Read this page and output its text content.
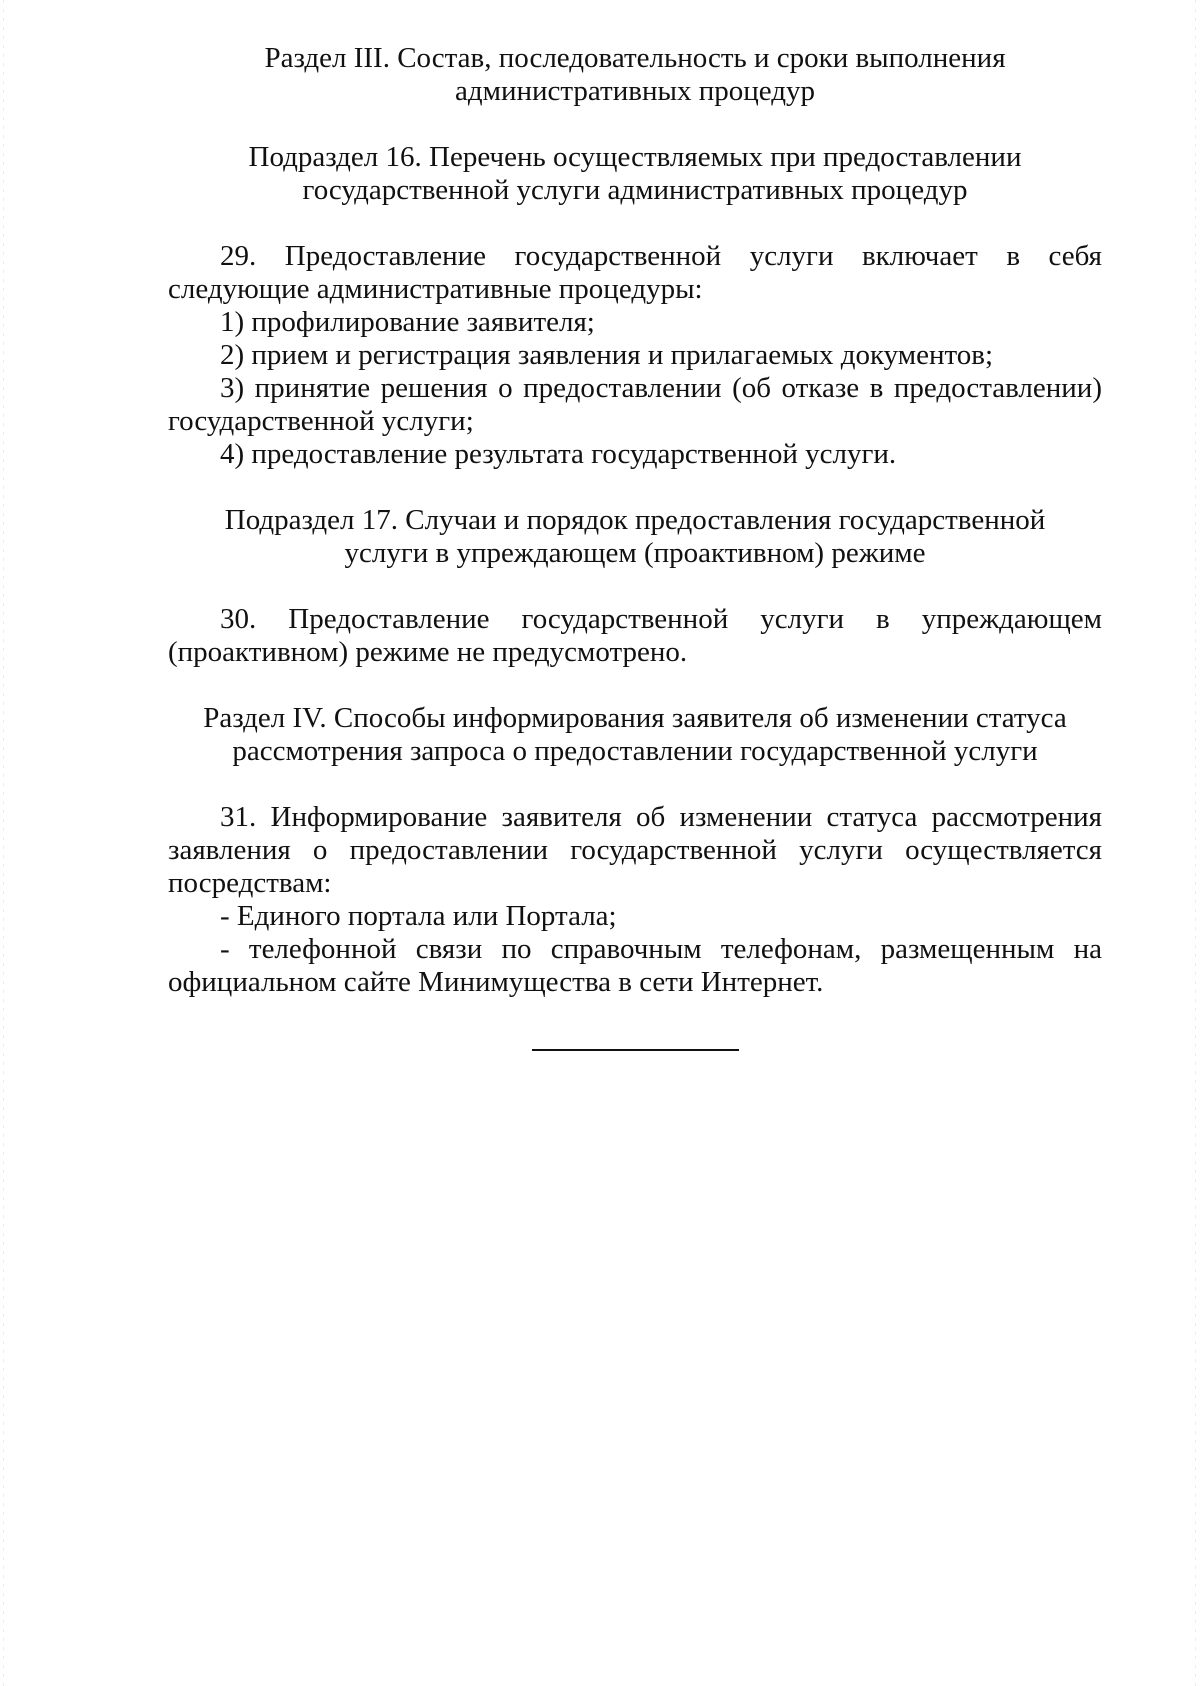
Раздел III. Состав, последовательность и сроки выполнения
административных процедур
Подраздел 16. Перечень осуществляемых при предоставлении
государственной услуги административных процедур

29. Предоставление государственной услуги включает в себя следующие административные процедуры:

1) профилирование заявителя;

2) прием и регистрация заявления и прилагаемых документов;

3) принятие решения о предоставлении (об отказе в предоставлении) государственной услуги;

4) предоставление результата государственной услуги.

Подраздел 17. Случаи и порядок предоставления государственной
услуги в упреждающем (проактивном) режиме

30. Предоставление государственной услуги в упреждающем (проактивном) режиме не предусмотрено.

Раздел IV. Способы информирования заявителя об изменении статуса
рассмотрения запроса о предоставлении государственной услуги

31. Информирование заявителя об изменении статуса рассмотрения заявления о предоставлении государственной услуги осуществляется посредствам:

- Единого портала или Портала;

- телефонной связи по справочным телефонам, размещенным на официальном сайте Минимущества в сети Интернет.
